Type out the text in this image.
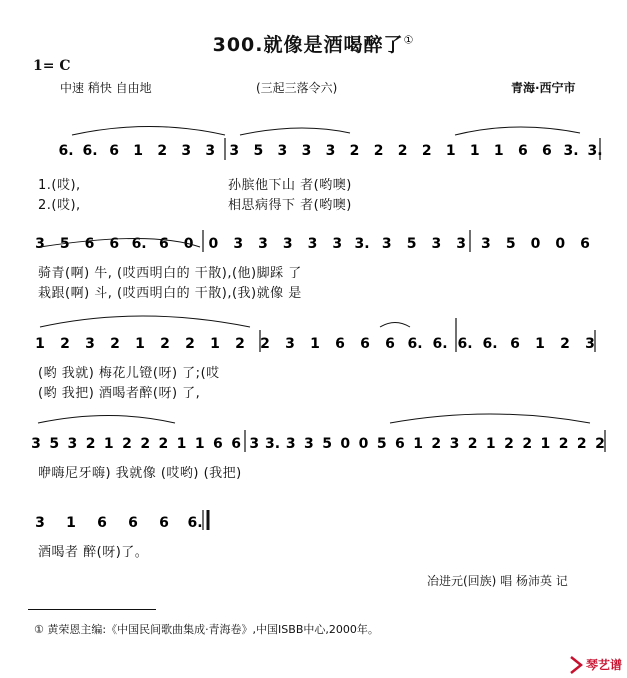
300.就像是酒喝醉了①
1= C
中速 稍快 自由地	(三起三落令六)	青海·西宁市
6. 6. 6 1 2 3 3 3 5 3 3 3 2 2 2 2 1 1 1 6 6 3. 3.
3 5 6 6 6. 6 0 0 3 3 3 3 3 3. 3 5 3 3 3 5 0 0 6
1 2 3 2 1 2 2 1 2 2 3 1 6 6 6 6. 6. 6. 6. 6 1 2 3
3 5 3 2 1 2 2 2 1 1 6 6 3 3. 3 3 5 0 0 5 6 1 2 3 2 1 2 2 1 2 2 2
3 1 6 6 6 6.
1.(哎),	孙膑他下山 者(哟噢)
2.(哎),	相思病得下 者(哟噢)
骑青(啊) 牛, (哎西明白的 干散),(他)脚踩 了
栽跟(啊) 斗, (哎西明白的 干散),(我)就像 是
(哟 我就) 梅花儿镫(呀) 了;(哎
(哟 我把) 酒喝者醉(呀) 了,
咿嗨尼牙嗨) 我就像 (哎哟) (我把)
酒喝者 醉(呀)了。
冶进元(回族) 唱 杨沛英 记
① 黄荣恩主编:《中国民间歌曲集成·青海卷》,中国ISBB中心,2000年。
琴艺谱
